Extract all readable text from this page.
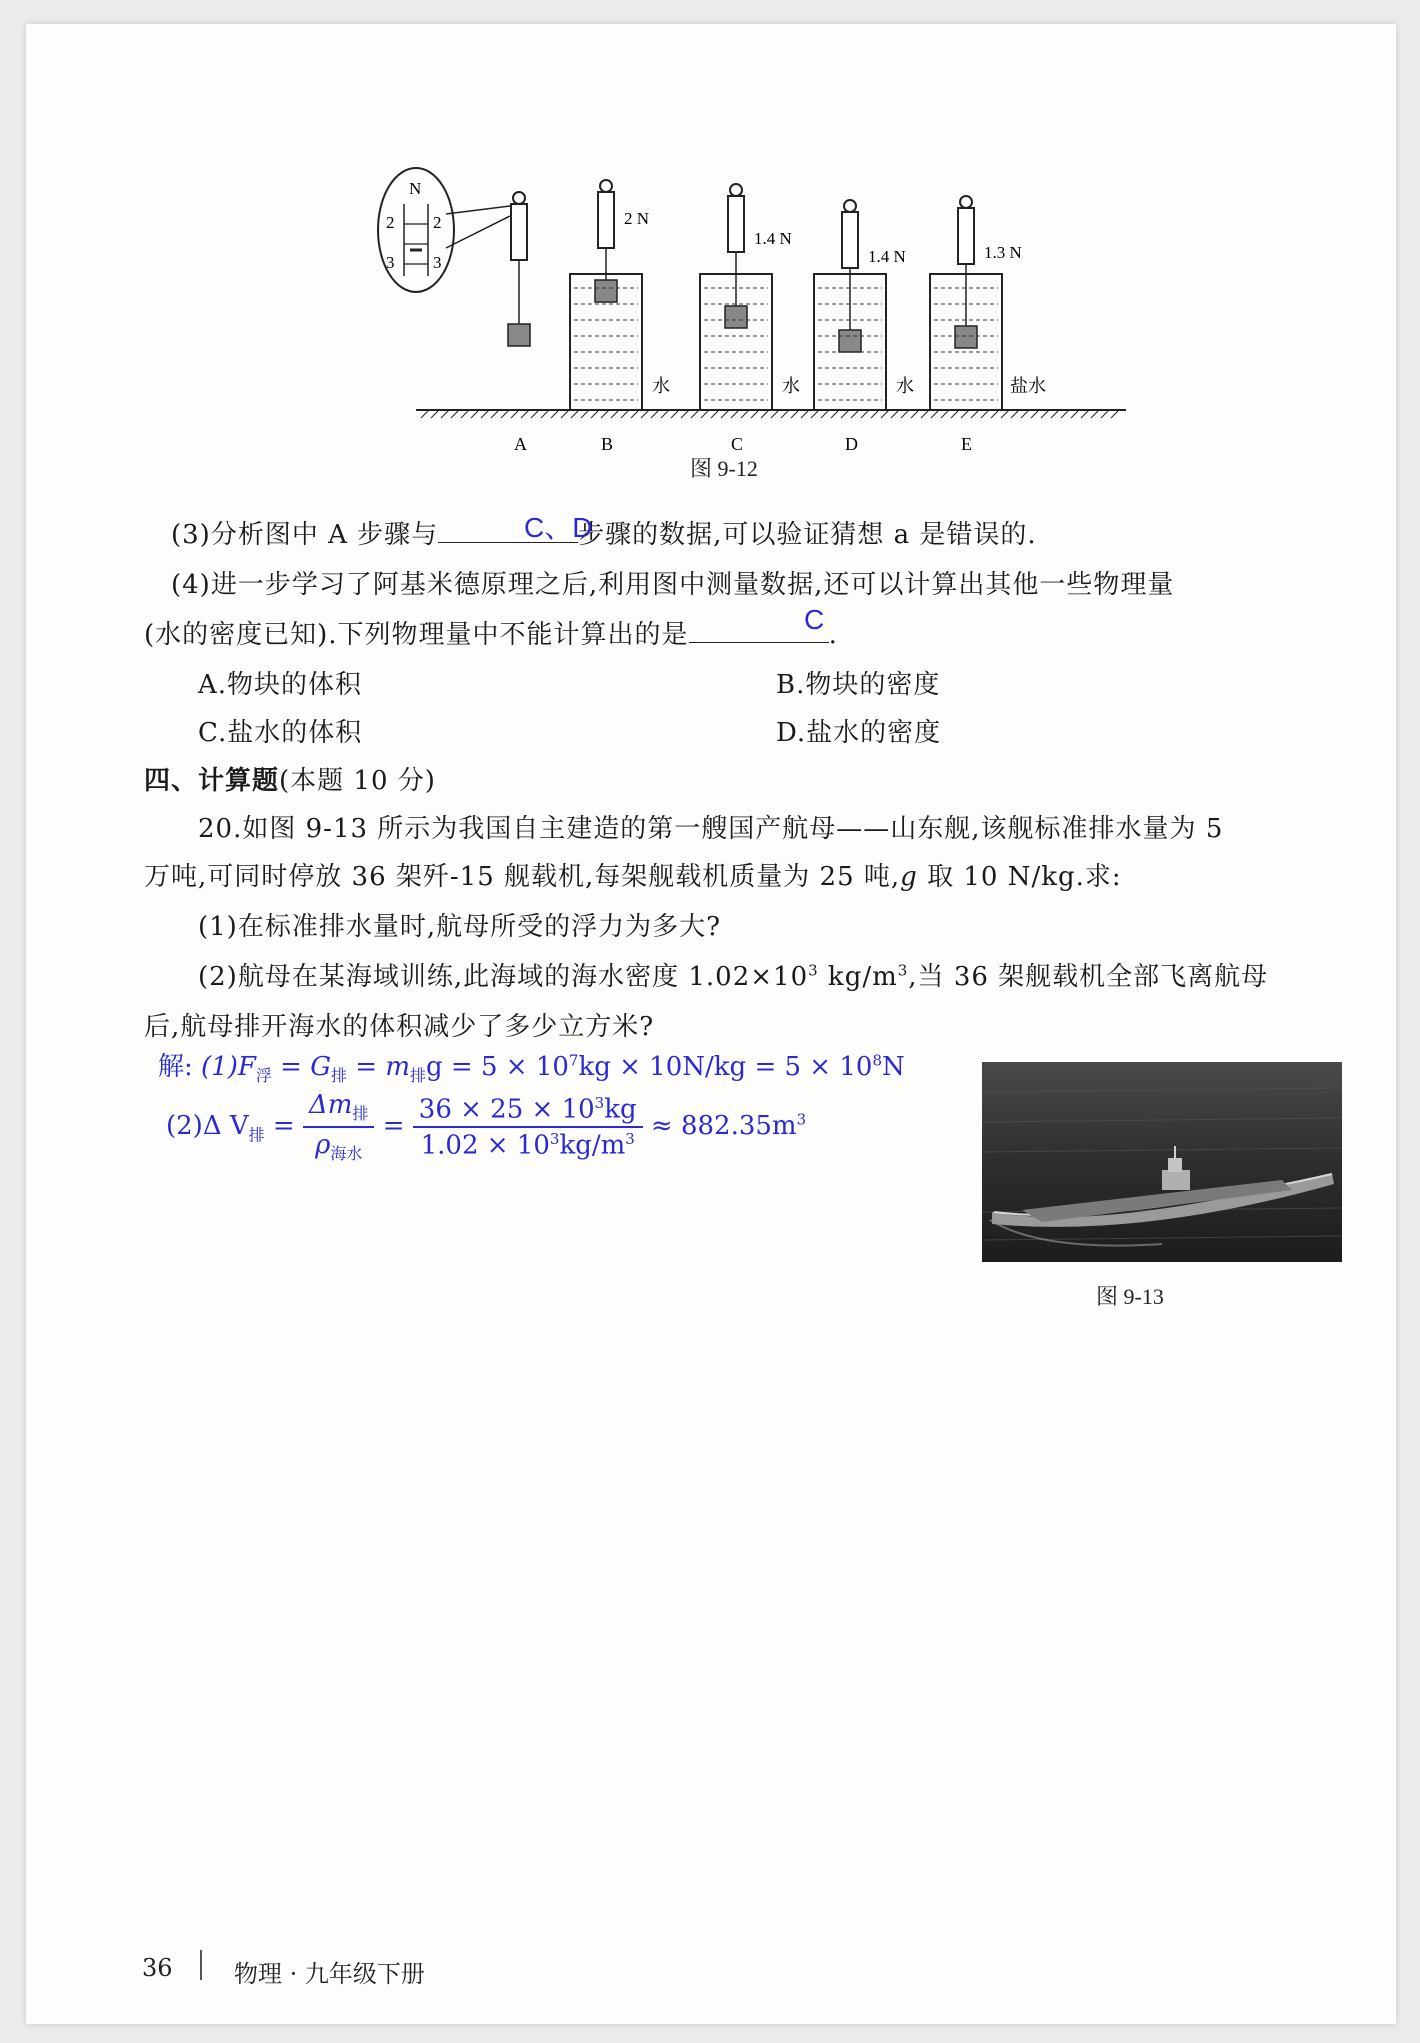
N
2 2
3 3
2 N
水
1.4 N
水
1.4 N
水
1.3 N
盐水
A	B	C	D	E
图 9-12
(3)分析图中 A 步骤与	步骤的数据,可以验证猜想 a 是错误的.
C、D
(4)进一步学习了阿基米德原理之后,利用图中测量数据,还可以计算出其他一些物理量
(水的密度已知).下列物理量中不能计算出的是	.
C
A.物块的体积	B.物块的密度
C.盐水的体积	D.盐水的密度
四、计算题(本题 10 分)
20.如图 9-13 所示为我国自主建造的第一艘国产航母——山东舰,该舰标准排水量为 5
万吨,可同时停放 36 架歼-15 舰载机,每架舰载机质量为 25 吨,g 取 10 N/kg.求:
(1)在标准排水量时,航母所受的浮力为多大?
(2)航母在某海域训练,此海域的海水密度 $1.02\times 10^3$ $kg/m^3$,当 36 架舰载机全部飞离航母
后,航母排开海水的体积减少了多少立方米?
解: $(1)F_浮 = G_排 = m_排g = 5 \times 10^7kg \times 10N/kg = 5 \times 10^8N$
(2)Δ $V_排 = \frac{\Delta m_排}{\rho_{海水}} = \frac{36 \times 25 \times 10^3kg}{1.02 \times 10^3kg/m^3} \approx 882.35m^3$
图 9-13
36	物理 · 九年级下册
